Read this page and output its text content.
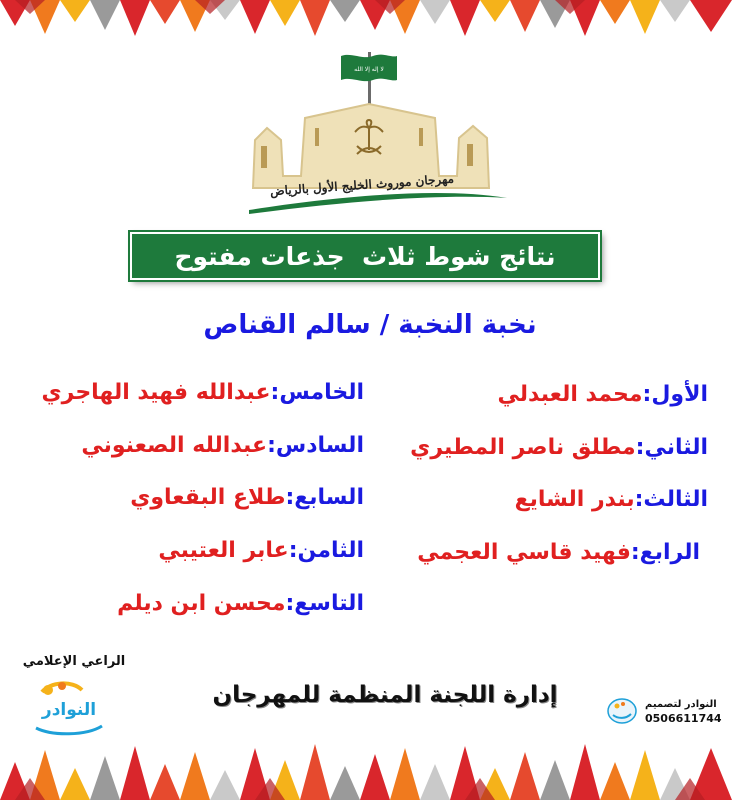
لا إله إلا الله
مهرجان موروث الخليج الأول بالرياض
نتائج شوط ثلاث  جذعات مفتوح
نخبة النخبة / سالم القناص
الأول:محمد العبدلي
الثاني:مطلق ناصر المطيري
الثالث:بندر الشايع
الرابع:فهيد قاسي العجمي
الخامس:عبدالله فهيد الهاجري
السادس:عبدالله الصعنوني
السابع:طلاع البقعاوي
الثامن:عابر العتيبي
التاسع:محسن ابن ديلم
الراعي الإعلامي
النوادر
إدارة اللجنة المنظمة للمهرجان	النوادر لتصميم
0506611744
